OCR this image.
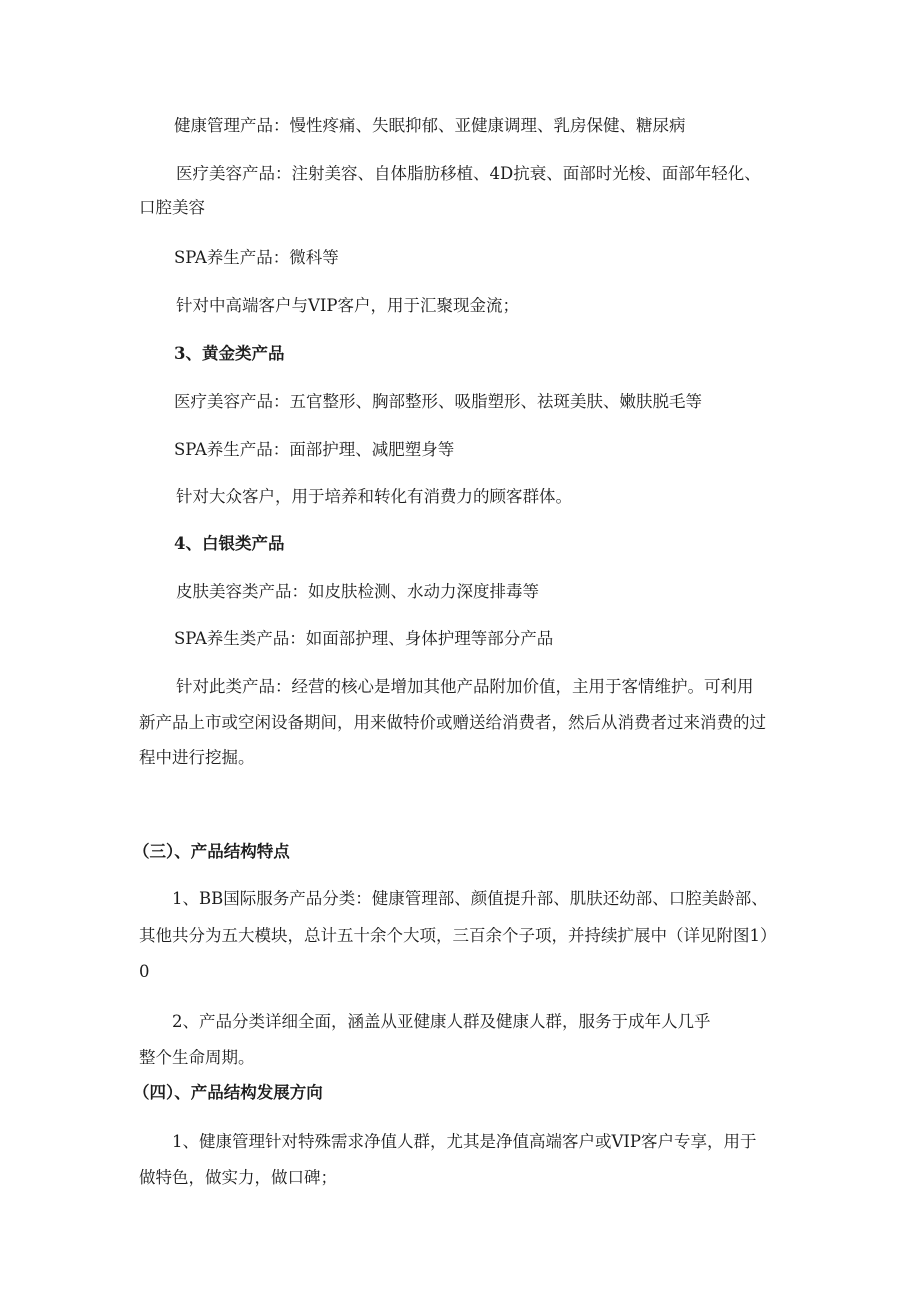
健康管理产品：慢性疼痛、失眠抑郁、亚健康调理、乳房保健、糖尿病
医疗美容产品：注射美容、自体脂肪移植、4D抗衰、面部时光梭、面部年轻化、
口腔美容
SPA养生产品：微科等
针对中高端客户与VIP客户，用于汇聚现金流；
3、黄金类产品
医疗美容产品：五官整形、胸部整形、吸脂塑形、祛斑美肤、嫩肤脱毛等
SPA养生产品：面部护理、减肥塑身等
针对大众客户，用于培养和转化有消费力的顾客群体。
4、白银类产品
皮肤美容类产品：如皮肤检测、水动力深度排毒等
SPA养生类产品：如面部护理、身体护理等部分产品
针对此类产品：经营的核心是增加其他产品附加价值，主用于客情维护。可利用
新产品上市或空闲设备期间，用来做特价或赠送给消费者，然后从消费者过来消费的过
程中进行挖掘。
（三）、产品结构特点
1、BB国际服务产品分类：健康管理部、颜值提升部、肌肤还幼部、口腔美龄部、
其他共分为五大模块，总计五十余个大项，三百余个子项，并持续扩展中（详见附图1）
0
2、产品分类详细全面，涵盖从亚健康人群及健康人群，服务于成年人几乎
整个生命周期。
（四）、产品结构发展方向
1、健康管理针对特殊需求净值人群，尤其是净值高端客户或VIP客户专享，用于
做特色，做实力，做口碑；
